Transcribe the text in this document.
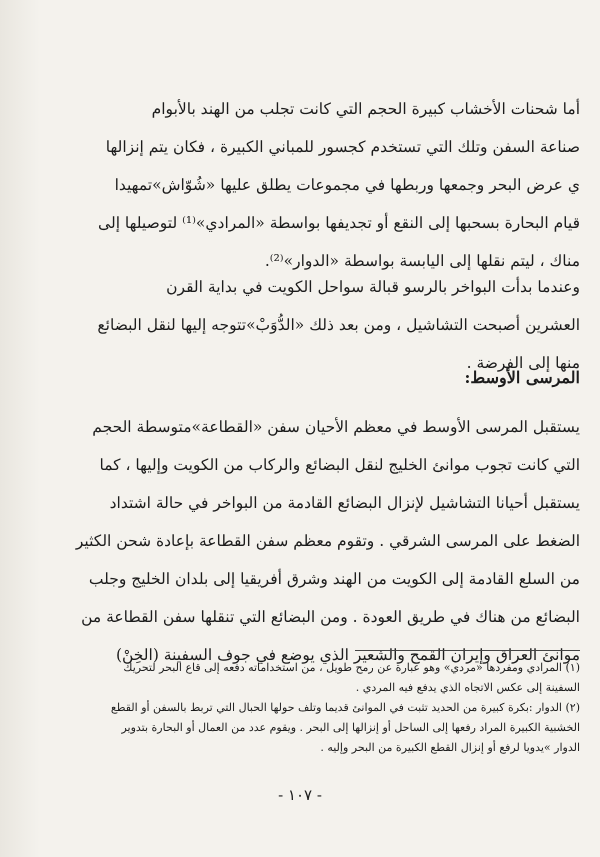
أما شحنات الأخشاب كبيرة الحجم التي كانت تجلب من الهند بالأبوام
صناعة السفن وتلك التي تستخدم كجسور للمباني الكبيرة ، فكان يتم إنزالها
ي عرض البحر وجمعها وربطها في مجموعات يطلق عليها «شُوّاش»تمهيدا
قيام البحارة بسحبها إلى النقع أو تجديفها بواسطة «المرادي»⁽¹⁾ لتوصيلها إلى
مناك ، ليتم نقلها إلى اليابسة بواسطة «الدوار»⁽²⁾.
وعندما بدأت البواخر بالرسو قبالة سواحل الكويت في بداية القرن
العشرين أصبحت التشاشيل ، ومن بعد ذلك «الدُّوَبْ»تتوجه إليها لنقل البضائع
منها إلى الفرضة .
المرسى الأوسط:
يستقبل المرسى الأوسط في معظم الأحيان سفن «القطاعة»متوسطة الحجم
التي كانت تجوب موانئ الخليج لنقل البضائع والركاب من الكويت وإليها ، كما
يستقبل أحيانا التشاشيل لإنزال البضائع القادمة من البواخر في حالة اشتداد
الضغط على المرسى الشرقي . وتقوم معظم سفن القطاعة بإعادة شحن الكثير
من السلع القادمة إلى الكويت من الهند وشرق أفريقيا إلى بلدان الخليج وجلب
البضائع من هناك في طريق العودة . ومن البضائع التي تنقلها سفن القطاعة من
موانئ العراق وإيران القمح والشعير الذي يوضع في جوف السفينة (الخِنْ)
(١) المرادي ومفردها «مردي» وهو عبارة عن رمح طويل ، من استخداماته دفعه إلى قاع البحر لتحريك
السفينة إلى عكس الاتجاه الذي يدفع فيه المردي .
(٢) الدوار :بكرة كبيرة من الحديد تثبت في الموانئ قديما وتلف حولها الحبال التي تربط بالسفن أو القطع
الخشبية الكبيرة المراد رفعها إلى الساحل أو إنزالها إلى البحر . ويقوم عدد من العمال أو البحارة بتدوير
الدوار »يدويا لرفع أو إنزال القطع الكبيرة من البحر وإليه .
- ١٠٧ -
